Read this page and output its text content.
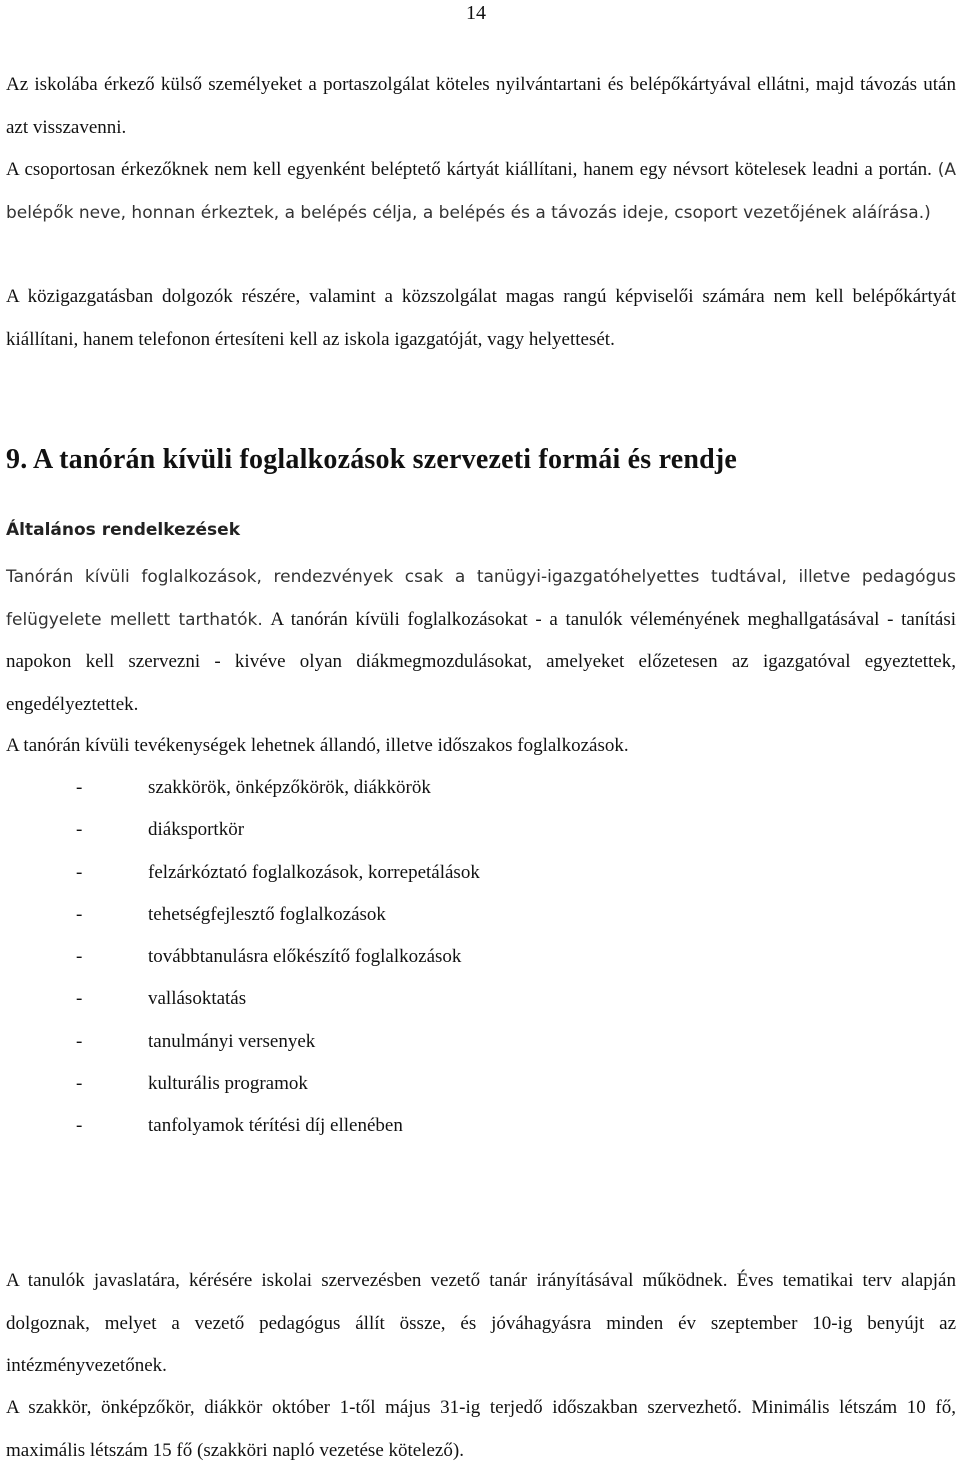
14

Az iskolába érkező külső személyeket a portaszolgálat köteles nyilvántartani és belépőkártyával ellátni, majd távozás után azt visszavenni.

A csoportosan érkezőknek nem kell egyenként beléptető kártyát kiállítani, hanem egy névsort kötelesek leadni a portán. (A belépők neve, honnan érkeztek, a belépés célja, a belépés és a távozás ideje, csoport vezetőjének aláírása.)

A közigazgatásban dolgozók részére, valamint a közszolgálat magas rangú képviselői számára nem kell belépőkártyát kiállítani, hanem telefonon értesíteni kell az iskola igazgatóját, vagy helyettesét.

9. A tanórán kívüli foglalkozások szervezeti formái és rendje
Általános rendelkezések

Tanórán kívüli foglalkozások, rendezvények csak a tanügyi-igazgatóhelyettes tudtával, illetve pedagógus felügyelete mellett tarthatók. A tanórán kívüli foglalkozásokat - a tanulók véleményének meghallgatásával - tanítási napokon kell szervezni - kivéve olyan diákmegmozdulásokat, amelyeket előzetesen az igazgatóval egyeztettek, engedélyeztettek.

A tanórán kívüli tevékenységek lehetnek állandó, illetve időszakos foglalkozások.

-	szakkörök, önképzőkörök, diákkörök
-	diáksportkör
-	felzárkóztató foglalkozások, korrepetálások
-	tehetségfejlesztő foglalkozások
-	továbbtanulásra előkészítő foglalkozások
-	vallásoktatás
-	tanulmányi versenyek
-	kulturális programok
-	tanfolyamok térítési díj ellenében

A tanulók javaslatára, kérésére iskolai szervezésben vezető tanár irányításával működnek. Éves tematikai terv alapján dolgoznak, melyet a vezető pedagógus állít össze, és jóváhagyásra minden év szeptember 10-ig benyújt az intézményvezetőnek.

A szakkör, önképzőkör, diákkör október 1-től május 31-ig terjedő időszakban szervezhető. Minimális létszám 10 fő, maximális létszám 15 fő (szakköri napló vezetése kötelező).
